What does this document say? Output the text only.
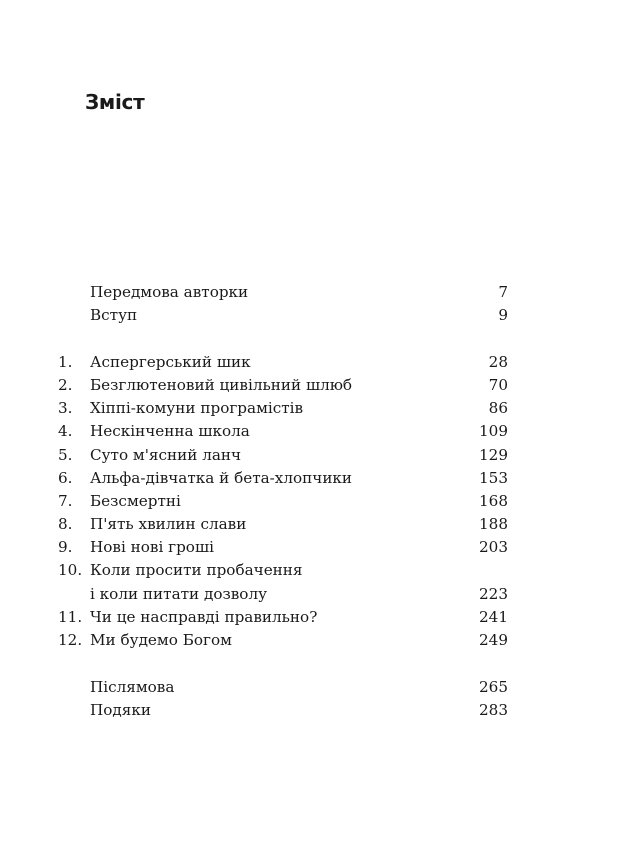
Зміст
Передмова авторки	7
Вступ	9
1. Аспергерський шик	28
2. Безглютеновий цивільний шлюб	70
3. Хіппі-комуни програмістів	86
4. Нескінченна школа	109
5. Суто м'ясний ланч	129
6. Альфа-дівчатка й бета-хлопчики	153
7. Безсмертні	168
8. П'ять хвилин слави	188
9. Нові нові гроші	203
10. Коли просити пробачення
і коли питати дозволу	223
11. Чи це насправді правильно?	241
12. Ми будемо Богом	249
Післямова	265
Подяки	283
